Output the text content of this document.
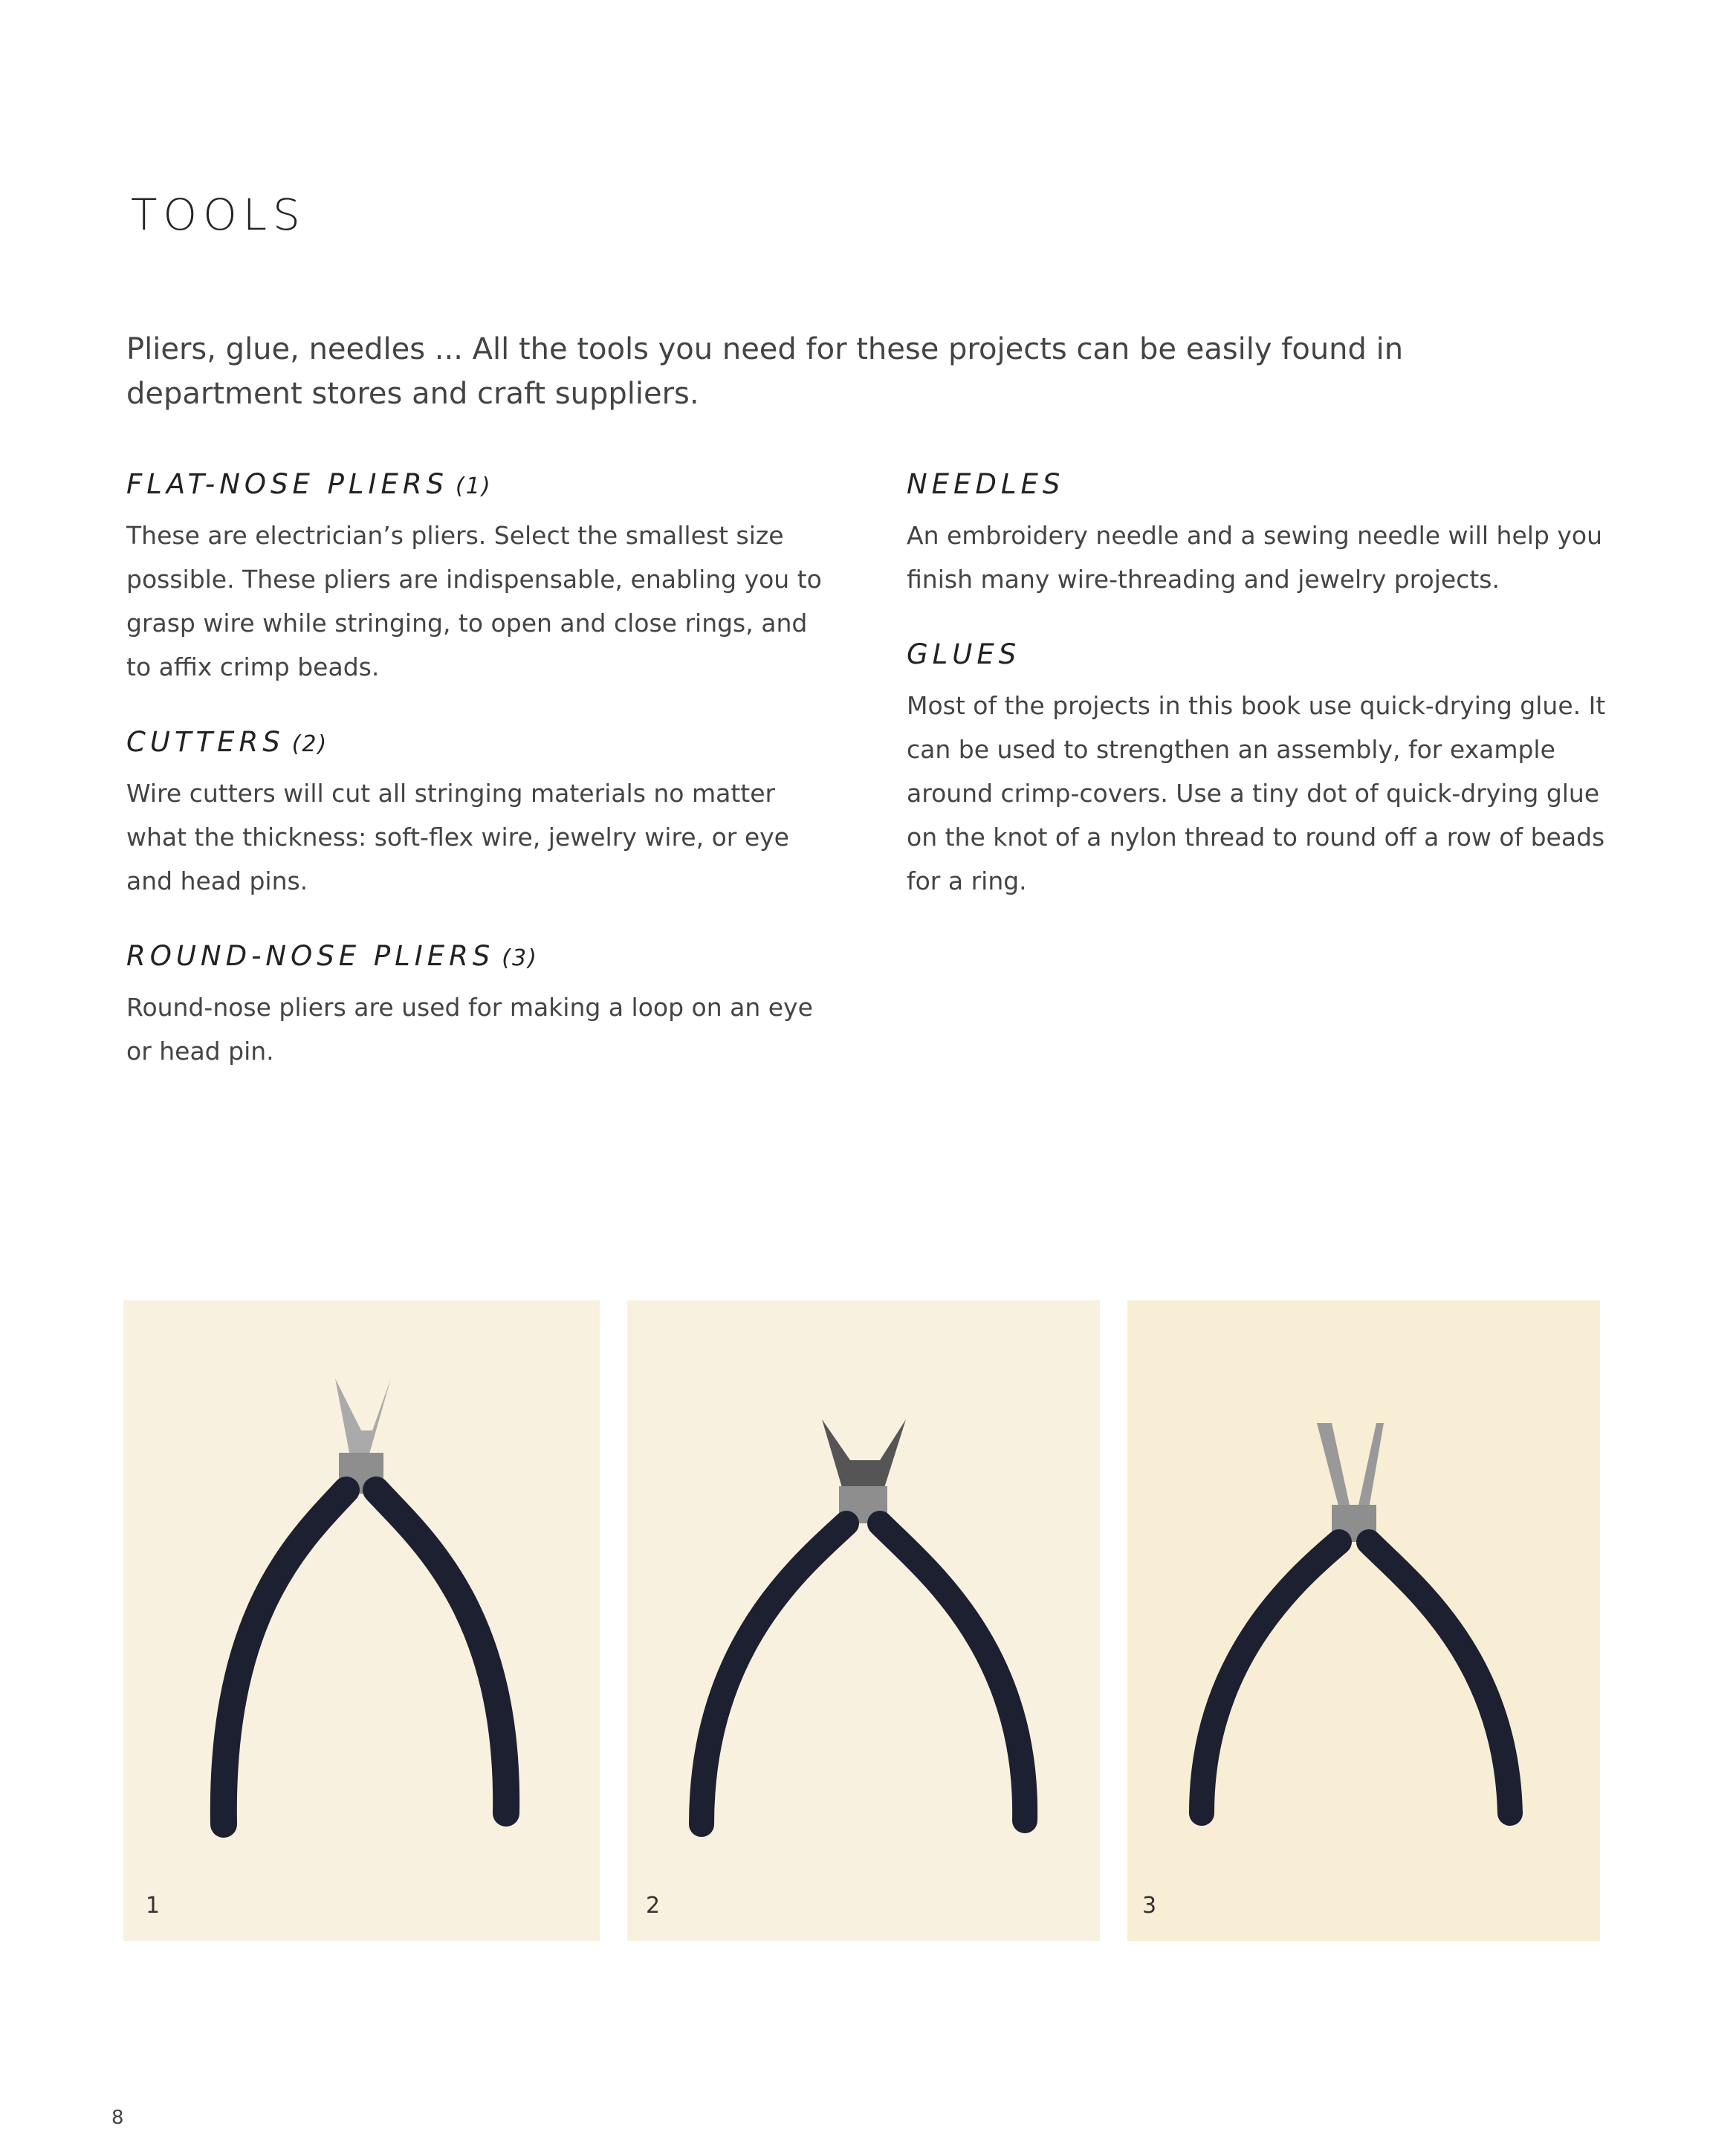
TOOLS
Pliers, glue, needles ... All the tools you need for these projects can be easily found in department stores and craft suppliers.
FLAT-NOSE PLIERS (1)

These are electrician’s pliers. Select the smallest size possible. These pliers are indispensable, enabling you to grasp wire while stringing, to open and close rings, and to affix crimp beads.

CUTTERS (2)

Wire cutters will cut all stringing materials no matter what the thickness: soft-flex wire, jewelry wire, or eye and head pins.

ROUND-NOSE PLIERS (3)

Round-nose pliers are used for making a loop on an eye or head pin.

NEEDLES

An embroidery needle and a sewing needle will help you finish many wire-threading and jewelry projects.

GLUES

Most of the projects in this book use quick-drying glue. It can be used to strengthen an assembly, for example around crimp-covers. Use a tiny dot of quick-drying glue on the knot of a nylon thread to round off a row of beads for a ring.

1	2	3
8
